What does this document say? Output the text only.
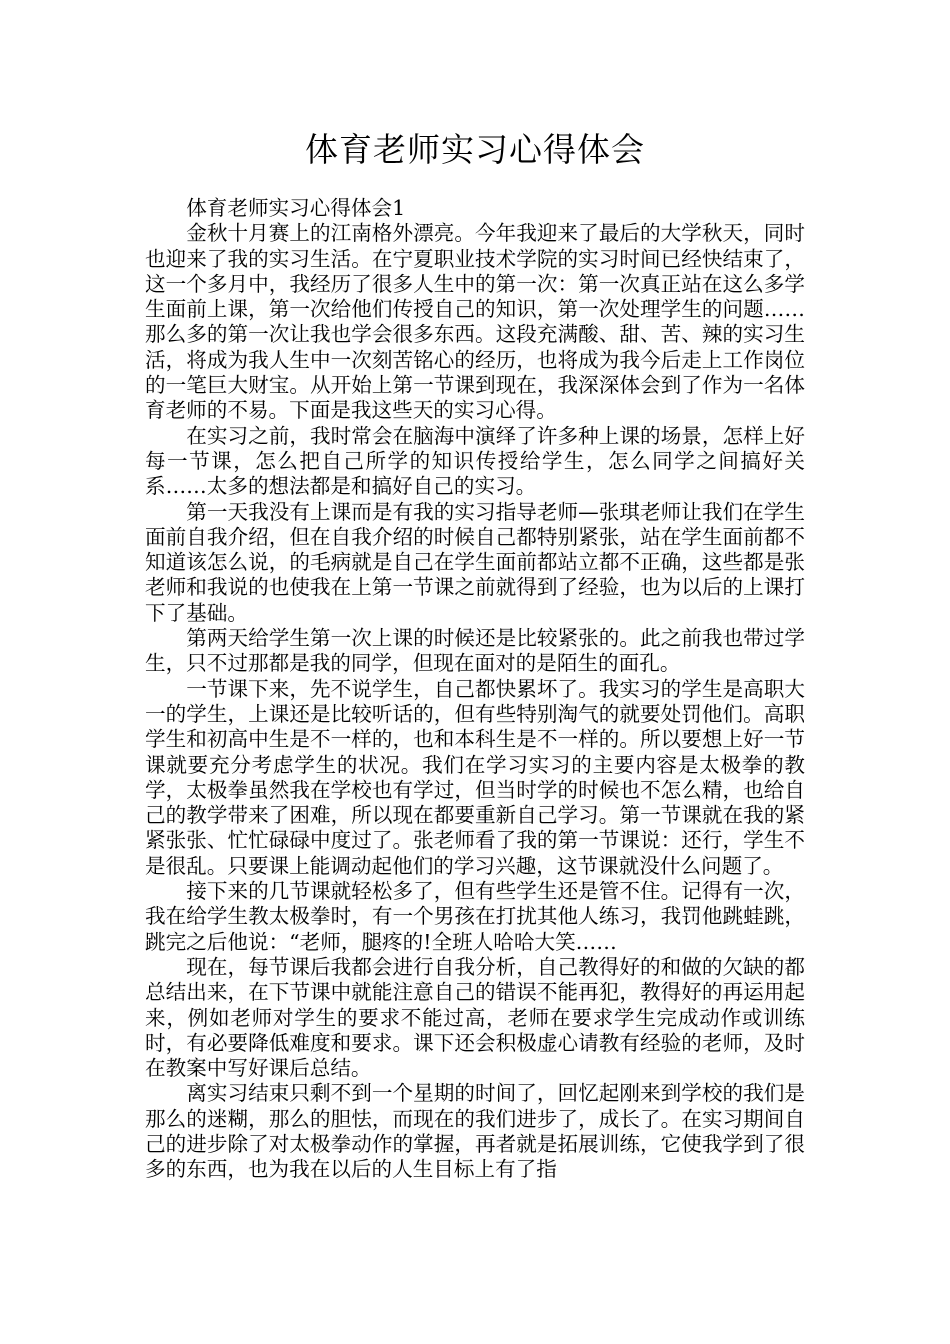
体育老师实习心得体会

体育老师实习心得体会1

金秋十月赛上的江南格外漂亮。今年我迎来了最后的大学秋天，同时也迎来了我的实习生活。在宁夏职业技术学院的实习时间已经快结束了，这一个多月中，我经历了很多人生中的第一次：第一次真正站在这么多学生面前上课，第一次给他们传授自己的知识，第一次处理学生的问题……那么多的第一次让我也学会很多东西。这段充满酸、甜、苦、辣的实习生活，将成为我人生中一次刻苦铭心的经历，也将成为我今后走上工作岗位的一笔巨大财宝。从开始上第一节课到现在，我深深体会到了作为一名体育老师的不易。下面是我这些天的实习心得。

在实习之前，我时常会在脑海中演绎了许多种上课的场景，怎样上好每一节课，怎么把自己所学的知识传授给学生，怎么同学之间搞好关系……太多的想法都是和搞好自己的实习。

第一天我没有上课而是有我的实习指导老师—张琪老师让我们在学生面前自我介绍，但在自我介绍的时候自己都特别紧张，站在学生面前都不知道该怎么说，的毛病就是自己在学生面前都站立都不正确，这些都是张老师和我说的也使我在上第一节课之前就得到了经验，也为以后的上课打下了基础。

第两天给学生第一次上课的时候还是比较紧张的。此之前我也带过学生，只不过那都是我的同学，但现在面对的是陌生的面孔。

一节课下来，先不说学生，自己都快累坏了。我实习的学生是高职大一的学生，上课还是比较听话的，但有些特别淘气的就要处罚他们。高职学生和初高中生是不一样的，也和本科生是不一样的。所以要想上好一节课就要充分考虑学生的状况。我们在学习实习的主要内容是太极拳的教学，太极拳虽然我在学校也有学过，但当时学的时候也不怎么精，也给自己的教学带来了困难，所以现在都要重新自己学习。第一节课就在我的紧紧张张、忙忙碌碌中度过了。张老师看了我的第一节课说：还行，学生不是很乱。只要课上能调动起他们的学习兴趣，这节课就没什么问题了。

接下来的几节课就轻松多了，但有些学生还是管不住。记得有一次，我在给学生教太极拳时，有一个男孩在打扰其他人练习，我罚他跳蛙跳，跳完之后他说：“老师，腿疼的!全班人哈哈大笑……

现在，每节课后我都会进行自我分析，自己教得好的和做的欠缺的都总结出来，在下节课中就能注意自己的错误不能再犯，教得好的再运用起来，例如老师对学生的要求不能过高，老师在要求学生完成动作或训练时，有必要降低难度和要求。课下还会积极虚心请教有经验的老师，及时在教案中写好课后总结。

离实习结束只剩不到一个星期的时间了，回忆起刚来到学校的我们是那么的迷糊，那么的胆怯，而现在的我们进步了，成长了。在实习期间自己的进步除了对太极拳动作的掌握，再者就是拓展训练，它使我学到了很多的东西，也为我在以后的人生目标上有了指
